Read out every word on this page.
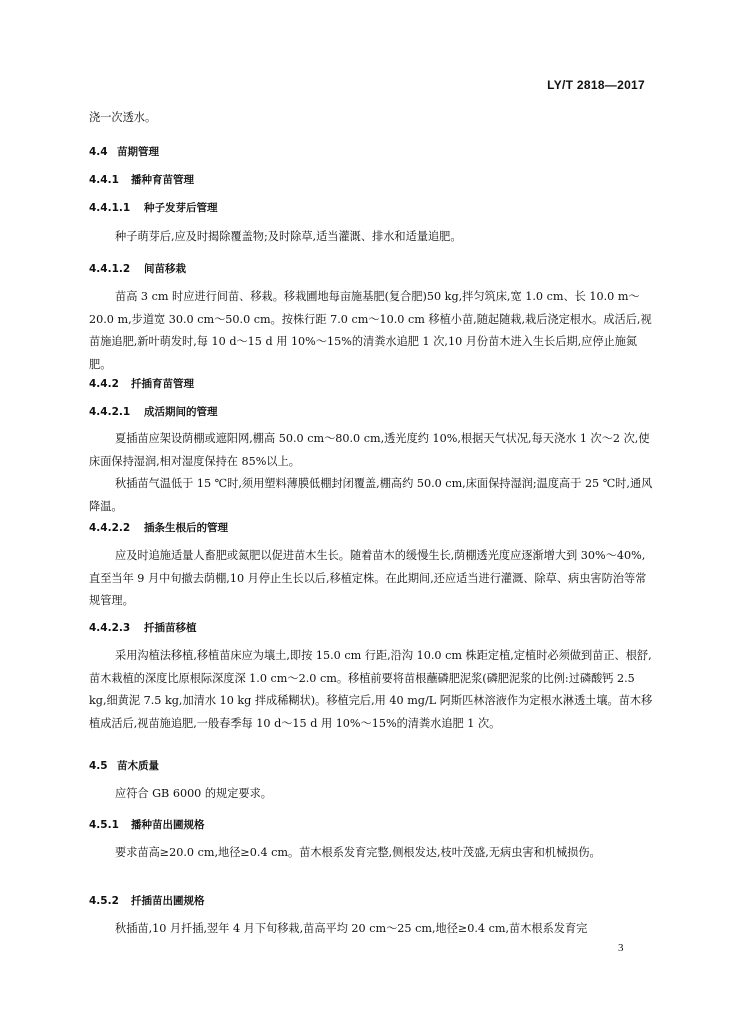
LY/T 2818—2017
浇一次透水。
4.4 苗期管理
4.4.1 播种育苗管理
4.4.1.1 种子发芽后管理
种子萌芽后,应及时揭除覆盖物;及时除草,适当灌溉、排水和适量追肥。
4.4.1.2 间苗移栽
苗高 3 cm 时应进行间苗、移栽。移栽圃地每亩施基肥(复合肥)50 kg,拌匀筑床,宽 1.0 cm、长 10.0 m～20.0 m,步道宽 30.0 cm～50.0 cm。按株行距 7.0 cm～10.0 cm 移植小苗,随起随栽,栽后浇定根水。成活后,视苗施追肥,新叶萌发时,每 10 d～15 d 用 10%～15%的清粪水追肥 1 次,10 月份苗木进入生长后期,应停止施氮肥。
4.4.2 扦插育苗管理
4.4.2.1 成活期间的管理
夏插苗应架设荫棚或遮阳网,棚高 50.0 cm～80.0 cm,透光度约 10%,根据天气状况,每天浇水 1 次～2 次,使床面保持湿润,相对湿度保持在 85%以上。
秋插苗气温低于 15 ℃时,须用塑料薄膜低棚封闭覆盖,棚高约 50.0 cm,床面保持湿润;温度高于 25 ℃时,通风降温。
4.4.2.2 插条生根后的管理
应及时追施适量人畜肥或氮肥以促进苗木生长。随着苗木的缓慢生长,荫棚透光度应逐渐增大到 30%～40%,直至当年 9 月中旬撤去荫棚,10 月停止生长以后,移植定株。在此期间,还应适当进行灌溉、除草、病虫害防治等常规管理。
4.4.2.3 扦插苗移植
采用沟植法移植,移植苗床应为壤土,即按 15.0 cm 行距,沿沟 10.0 cm 株距定植,定植时必须做到苗正、根舒,苗木栽植的深度比原根际深度深 1.0 cm～2.0 cm。移植前要将苗根蘸磷肥泥浆(磷肥泥浆的比例:过磷酸钙 2.5 kg,细黄泥 7.5 kg,加清水 10 kg 拌成稀糊状)。移植完后,用 40 mg/L 阿斯匹林溶液作为定根水淋透土壤。苗木移植成活后,视苗施追肥,一般春季每 10 d～15 d 用 10%～15%的清粪水追肥 1 次。
4.5 苗木质量
应符合 GB 6000 的规定要求。
4.5.1 播种苗出圃规格
要求苗高≥20.0 cm,地径≥0.4 cm。苗木根系发育完整,侧根发达,枝叶茂盛,无病虫害和机械损伤。
4.5.2 扦插苗出圃规格
秋插苗,10 月扦插,翌年 4 月下旬移栽,苗高平均 20 cm～25 cm,地径≥0.4 cm,苗木根系发育完
3
